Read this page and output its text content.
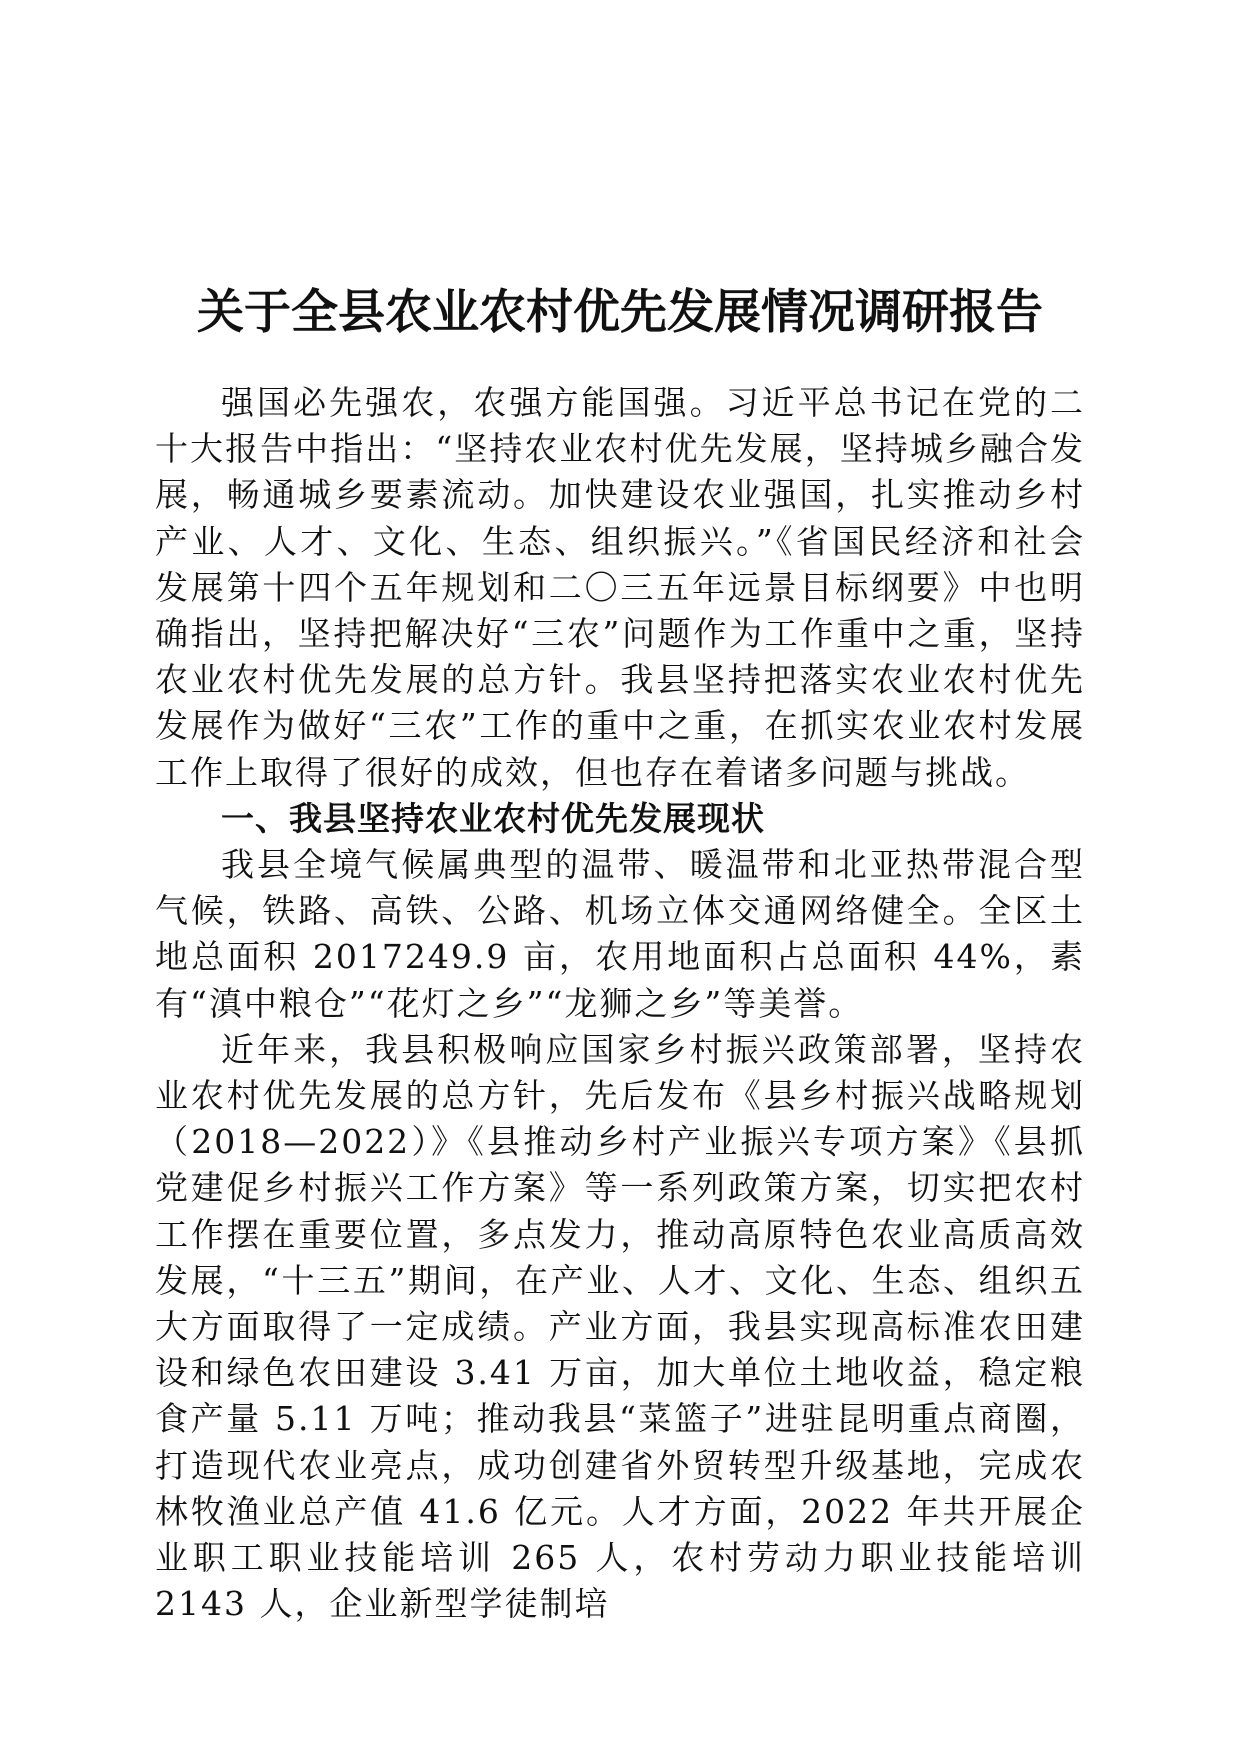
关于全县农业农村优先发展情况调研报告

强国必先强农，农强方能国强。习近平总书记在党的二十大报告中指出：“坚持农业农村优先发展，坚持城乡融合发展，畅通城乡要素流动。加快建设农业强国，扎实推动乡村产业、人才、文化、生态、组织振兴。”《省国民经济和社会发展第十四个五年规划和二〇三五年远景目标纲要》中也明确指出，坚持把解决好“三农”问题作为工作重中之重，坚持农业农村优先发展的总方针。我县坚持把落实农业农村优先发展作为做好“三农”工作的重中之重，在抓实农业农村发展工作上取得了很好的成效，但也存在着诸多问题与挑战。

一、我县坚持农业农村优先发展现状

我县全境气候属典型的温带、暖温带和北亚热带混合型气候，铁路、高铁、公路、机场立体交通网络健全。全区土地总面积 2017249.9 亩，农用地面积占总面积 44%，素有“滇中粮仓”“花灯之乡”“龙狮之乡”等美誉。

近年来，我县积极响应国家乡村振兴政策部署，坚持农业农村优先发展的总方针，先后发布《县乡村振兴战略规划（2018—2022）》《县推动乡村产业振兴专项方案》《县抓党建促乡村振兴工作方案》等一系列政策方案，切实把农村工作摆在重要位置，多点发力，推动高原特色农业高质高效发展，“十三五”期间，在产业、人才、文化、生态、组织五大方面取得了一定成绩。产业方面，我县实现高标准农田建设和绿色农田建设 3.41 万亩，加大单位土地收益，稳定粮食产量 5.11 万吨；推动我县“菜篮子”进驻昆明重点商圈，打造现代农业亮点，成功创建省外贸转型升级基地，完成农林牧渔业总产值 41.6 亿元。人才方面，2022 年共开展企业职工职业技能培训 265 人，农村劳动力职业技能培训 2143 人，企业新型学徒制培
